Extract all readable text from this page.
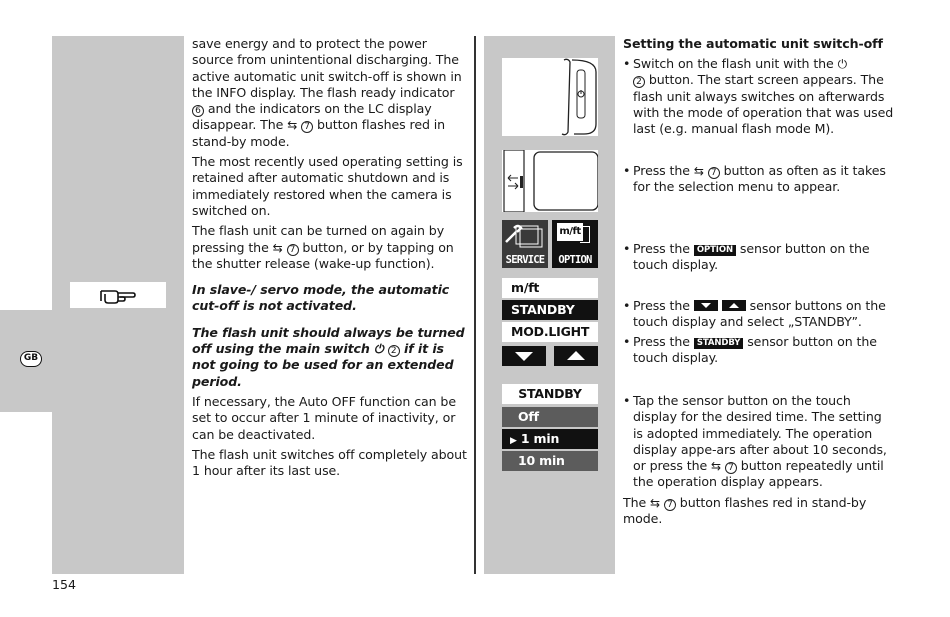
GB

save energy and to protect the power source from unintentional discharging. The active automatic unit switch-off is shown in the INFO display. The flash ready indicator 6 and the indicators on the LC display disappear. The ⇆ 7 button flashes red in stand-by mode.

The most recently used operating setting is retained after automatic shutdown and is immediately restored when the camera is switched on.

The flash unit can be turned on again by pressing the ⇆ 7 button, or by tapping on the shutter release (wake-up function).

In slave-/ servo mode, the automatic cut-off is not activated.

The flash unit should always be turned off using the main switch ⏻ 2 if it is not going to be used for an extended period.

If necessary, the Auto OFF function can be set to occur after 1 minute of inactivity, or can be deactivated.

The flash unit switches off completely about 1 hour after its last use.

SERVICE
m/ft
OPTION
m/ft
STANDBY
MOD.LIGHT
STANDBY
Off
▶ 1 min
10 min
Setting the automatic unit switch-off
• Switch on the flash unit with the ⏻
2 button. The start screen appears. The flash unit always switches on afterwards with the mode of operation that was used last (e.g. manual flash mode M).
• Press the ⇆ 7 button as often as it takes for the selection menu to appear.
• Press the OPTION sensor button on the touch display.
• Press the	sensor buttons on the touch display and select „STANDBY”.
• Press the STANDBY sensor button on the touch display.
• Tap the sensor button on the touch display for the desired time. The setting is adopted immediately. The operation display appe-ars after about 10 seconds, or press the ⇆ 7 button repeatedly until the operation display appears.
The ⇆ 7 button flashes red in stand-by mode.
154
